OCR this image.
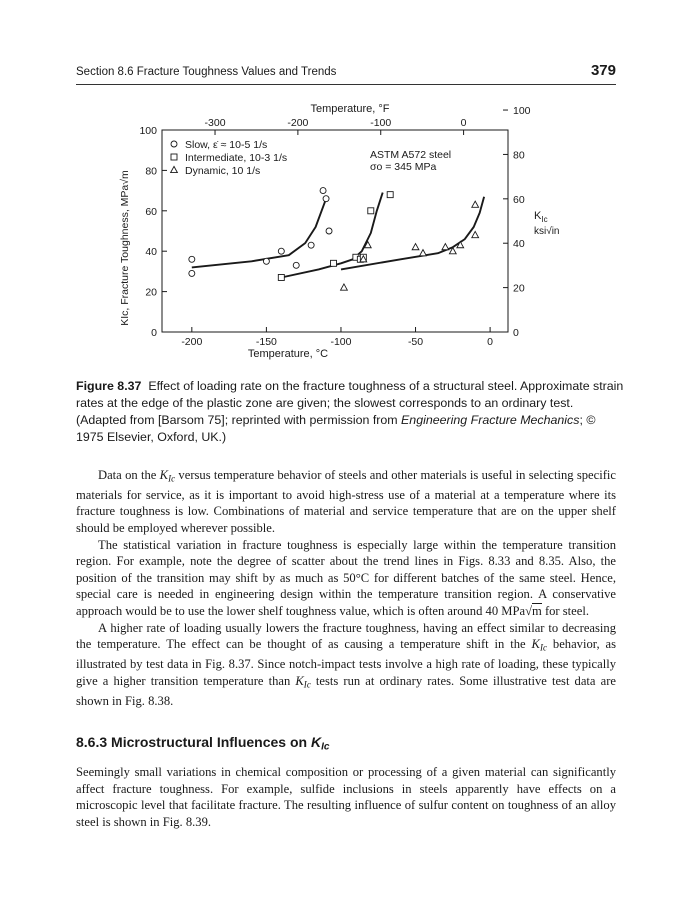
Section 8.6 Fracture Toughness Values and Trends	379
-200	-150	-100	-50	0
-300	-200	-100	0
0
20
40
60
80
100
0
20
40
60
80
100
Slow, ε̇ ≈ 10-5 1/s
Intermediate, 10-3 1/s
Dynamic, 10 1/s
Temperature, °F
Temperature, °C
KIc, Fracture Toughness, MPa√m
ASTM A572 steel
σo = 345 MPa
$K_{Ic}$
ksi√in
Figure 8.37 Effect of loading rate on the fracture toughness of a structural steel. Approximate strain rates at the edge of the plastic zone are given; the slowest corresponds to an ordinary test. (Adapted from [Barsom 75]; reprinted with permission from Engineering Fracture Mechanics; © 1975 Elsevier, Oxford, UK.)

Data on the $K_{Ic}$ versus temperature behavior of steels and other materials is useful in selecting specific materials for service, as it is important to avoid high-stress use of a material at a temperature where its fracture toughness is low. Combinations of material and service temperature that are on the upper shelf should be employed wherever possible.

The statistical variation in fracture toughness is especially large within the temperature transition region. For example, note the degree of scatter about the trend lines in Figs. 8.33 and 8.35. Also, the position of the transition may shift by as much as 50°C for different batches of the same steel. Hence, special care is needed in engineering design within the temperature transition region. A conservative approach would be to use the lower shelf toughness value, which is often around 40 MPa√m for steel.

A higher rate of loading usually lowers the fracture toughness, having an effect similar to decreasing the temperature. The effect can be thought of as causing a temperature shift in the $K_{Ic}$ behavior, as illustrated by test data in Fig. 8.37. Since notch-impact tests involve a high rate of loading, these typically give a higher transition temperature than $K_{Ic}$ tests run at ordinary rates. Some illustrative test data are shown in Fig. 8.38.

8.6.3 Microstructural Influences on $K_{Ic}$

Seemingly small variations in chemical composition or processing of a given material can significantly affect fracture toughness. For example, sulfide inclusions in steels apparently have effects on a microscopic level that facilitate fracture. The resulting influence of sulfur content on toughness of an alloy steel is shown in Fig. 8.39.
